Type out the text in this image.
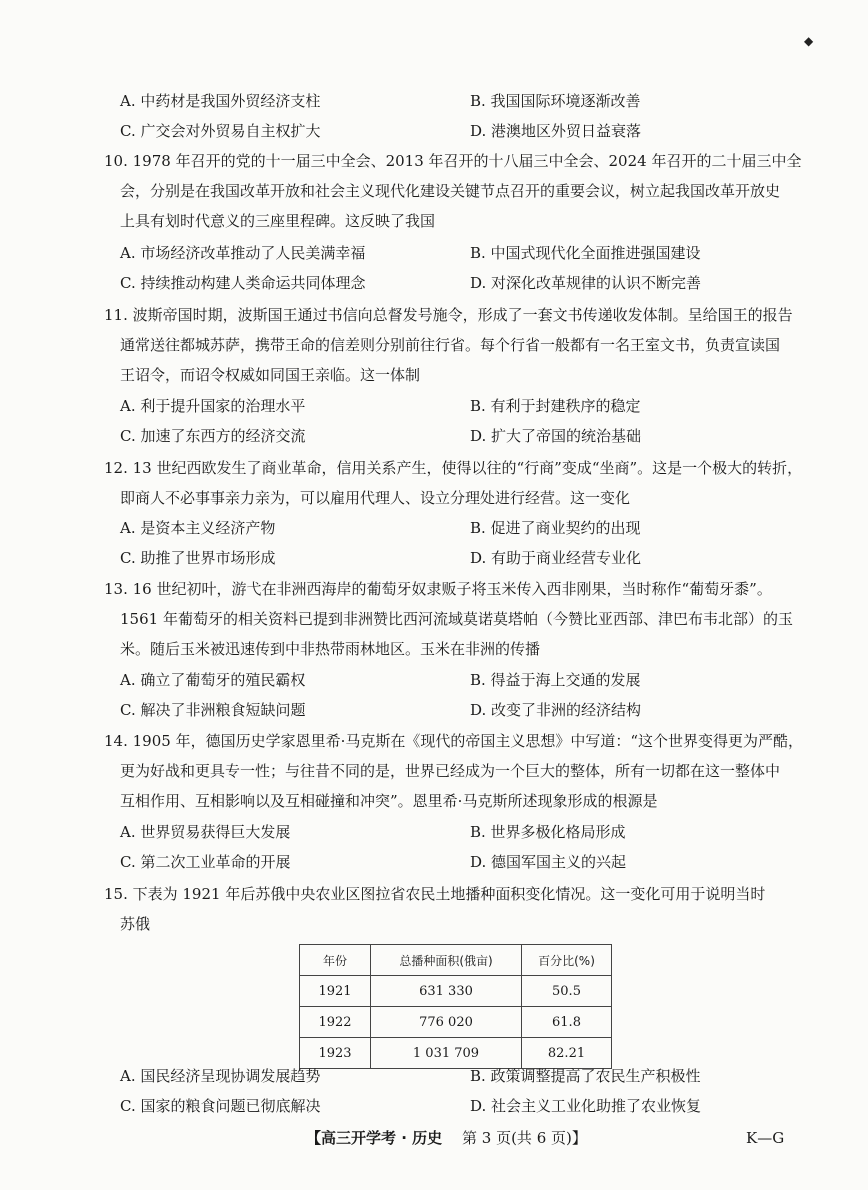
◆
A. 中药材是我国外贸经济支柱	B. 我国国际环境逐渐改善
C. 广交会对外贸易自主权扩大	D. 港澳地区外贸日益衰落
10. 1978 年召开的党的十一届三中全会、2013 年召开的十八届三中全会、2024 年召开的二十届三中全
会，分别是在我国改革开放和社会主义现代化建设关键节点召开的重要会议，树立起我国改革开放史
上具有划时代意义的三座里程碑。这反映了我国
A. 市场经济改革推动了人民美满幸福	B. 中国式现代化全面推进强国建设
C. 持续推动构建人类命运共同体理念	D. 对深化改革规律的认识不断完善
11. 波斯帝国时期，波斯国王通过书信向总督发号施令，形成了一套文书传递收发体制。呈给国王的报告
通常送往都城苏萨，携带王命的信差则分别前往行省。每个行省一般都有一名王室文书，负责宣读国
王诏令，而诏令权威如同国王亲临。这一体制
A. 利于提升国家的治理水平	B. 有利于封建秩序的稳定
C. 加速了东西方的经济交流	D. 扩大了帝国的统治基础
12. 13 世纪西欧发生了商业革命，信用关系产生，使得以往的“行商”变成“坐商”。这是一个极大的转折，
即商人不必事事亲力亲为，可以雇用代理人、设立分理处进行经营。这一变化
A. 是资本主义经济产物	B. 促进了商业契约的出现
C. 助推了世界市场形成	D. 有助于商业经营专业化
13. 16 世纪初叶，游弋在非洲西海岸的葡萄牙奴隶贩子将玉米传入西非刚果，当时称作“葡萄牙黍”。
1561 年葡萄牙的相关资料已提到非洲赞比西河流域莫诺莫塔帕（今赞比亚西部、津巴布韦北部）的玉
米。随后玉米被迅速传到中非热带雨林地区。玉米在非洲的传播
A. 确立了葡萄牙的殖民霸权	B. 得益于海上交通的发展
C. 解决了非洲粮食短缺问题	D. 改变了非洲的经济结构
14. 1905 年，德国历史学家恩里希·马克斯在《现代的帝国主义思想》中写道：“这个世界变得更为严酷，
更为好战和更具专一性；与往昔不同的是，世界已经成为一个巨大的整体，所有一切都在这一整体中
互相作用、互相影响以及互相碰撞和冲突”。恩里希·马克斯所述现象形成的根源是
A. 世界贸易获得巨大发展	B. 世界多极化格局形成
C. 第二次工业革命的开展	D. 德国军国主义的兴起
15. 下表为 1921 年后苏俄中央农业区图拉省农民土地播种面积变化情况。这一变化可用于说明当时
苏俄
年份	总播种面积(俄亩)	百分比(%)
1921	631 330	50.5
1922	776 020	61.8
1923	1 031 709	82.21
A. 国民经济呈现协调发展趋势	B. 政策调整提高了农民生产积极性
C. 国家的粮食问题已彻底解决	D. 社会主义工业化助推了农业恢复
【高三开学考 · 历史 第 3 页(共 6 页)】	K—G
